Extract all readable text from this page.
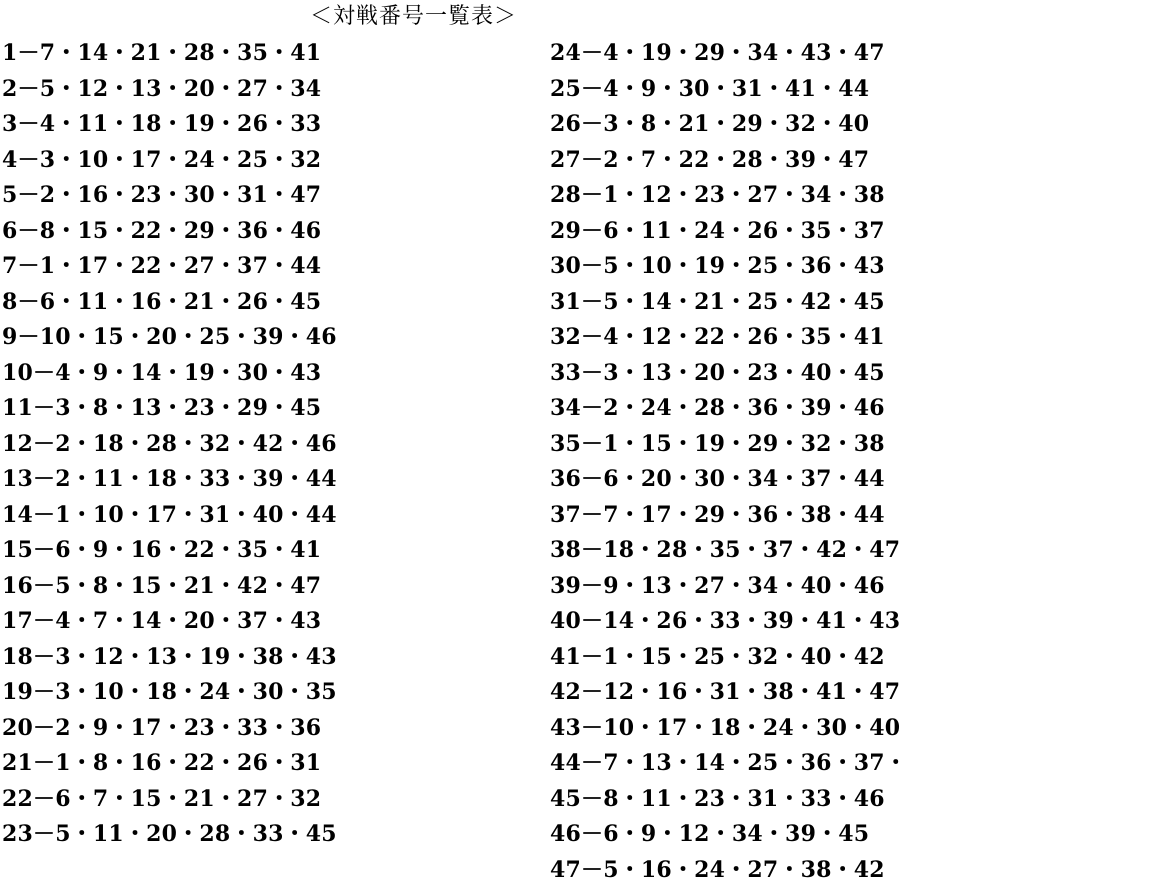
＜対戦番号一覧表＞
1－7・14・21・28・35・41
2－5・12・13・20・27・34
3－4・11・18・19・26・33
4－3・10・17・24・25・32
5－2・16・23・30・31・47
6－8・15・22・29・36・46
7－1・17・22・27・37・44
8－6・11・16・21・26・45
9－10・15・20・25・39・46
10－4・9・14・19・30・43
11－3・8・13・23・29・45
12－2・18・28・32・42・46
13－2・11・18・33・39・44
14－1・10・17・31・40・44
15－6・9・16・22・35・41
16－5・8・15・21・42・47
17－4・7・14・20・37・43
18－3・12・13・19・38・43
19－3・10・18・24・30・35
20－2・9・17・23・33・36
21－1・8・16・22・26・31
22－6・7・15・21・27・32
23－5・11・20・28・33・45
24－4・19・29・34・43・47
25－4・9・30・31・41・44
26－3・8・21・29・32・40
27－2・7・22・28・39・47
28－1・12・23・27・34・38
29－6・11・24・26・35・37
30－5・10・19・25・36・43
31－5・14・21・25・42・45
32－4・12・22・26・35・41
33－3・13・20・23・40・45
34－2・24・28・36・39・46
35－1・15・19・29・32・38
36－6・20・30・34・37・44
37－7・17・29・36・38・44
38－18・28・35・37・42・47
39－9・13・27・34・40・46
40－14・26・33・39・41・43
41－1・15・25・32・40・42
42－12・16・31・38・41・47
43－10・17・18・24・30・40
44－7・13・14・25・36・37・
45－8・11・23・31・33・46
46－6・9・12・34・39・45
47－5・16・24・27・38・42
